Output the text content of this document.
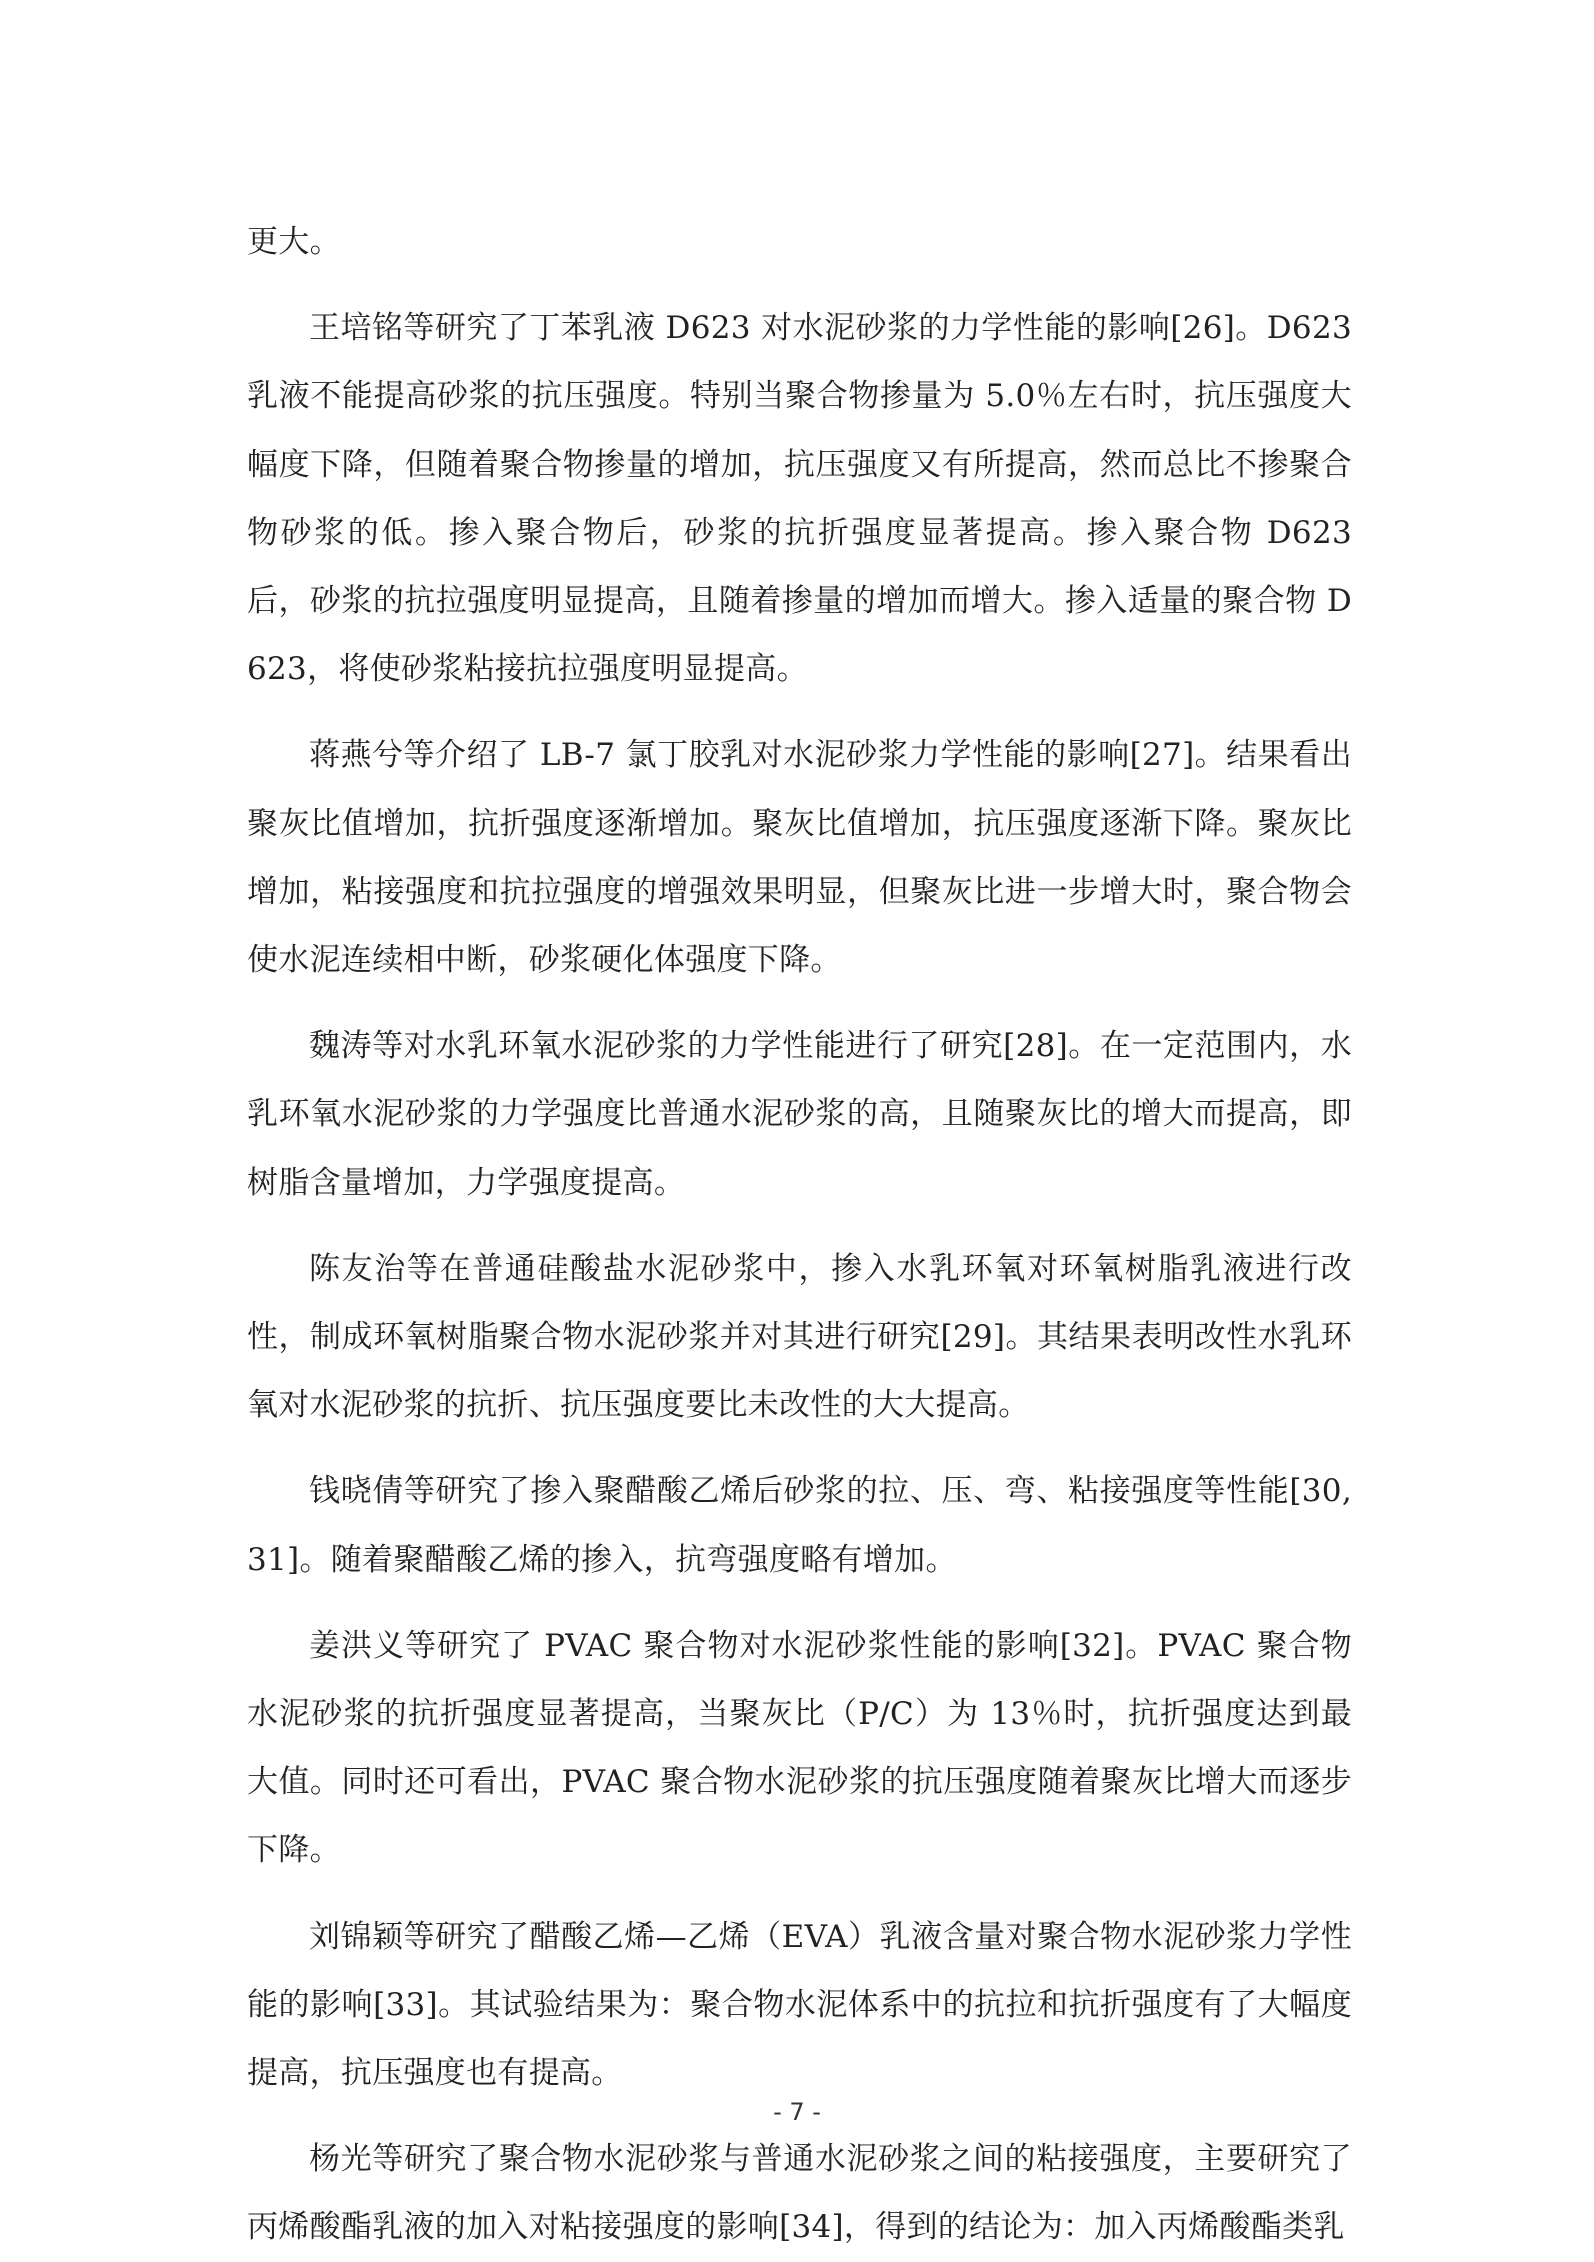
更大。

王培铭等研究了丁苯乳液 D623 对水泥砂浆的力学性能的影响[26]。D623 乳液不能提高砂浆的抗压强度。特别当聚合物掺量为 5.0％左右时，抗压强度大幅度下降，但随着聚合物掺量的增加，抗压强度又有所提高，然而总比不掺聚合物砂浆的低。掺入聚合物后，砂浆的抗折强度显著提高。掺入聚合物 D623 后，砂浆的抗拉强度明显提高，且随着掺量的增加而增大。掺入适量的聚合物 D623，将使砂浆粘接抗拉强度明显提高。

蒋燕兮等介绍了 LB-7 氯丁胶乳对水泥砂浆力学性能的影响[27]。结果看出聚灰比值增加，抗折强度逐渐增加。聚灰比值增加，抗压强度逐渐下降。聚灰比增加，粘接强度和抗拉强度的增强效果明显，但聚灰比进一步增大时，聚合物会使水泥连续相中断，砂浆硬化体强度下降。

魏涛等对水乳环氧水泥砂浆的力学性能进行了研究[28]。在一定范围内，水乳环氧水泥砂浆的力学强度比普通水泥砂浆的高，且随聚灰比的增大而提高，即树脂含量增加，力学强度提高。

陈友治等在普通硅酸盐水泥砂浆中，掺入水乳环氧对环氧树脂乳液进行改性，制成环氧树脂聚合物水泥砂浆并对其进行研究[29]。其结果表明改性水乳环氧对水泥砂浆的抗折、抗压强度要比未改性的大大提高。

钱晓倩等研究了掺入聚醋酸乙烯后砂浆的拉、压、弯、粘接强度等性能[30,31]。随着聚醋酸乙烯的掺入，抗弯强度略有增加。

姜洪义等研究了 PVAC 聚合物对水泥砂浆性能的影响[32]。PVAC 聚合物水泥砂浆的抗折强度显著提高，当聚灰比（P/C）为 13％时，抗折强度达到最大值。同时还可看出，PVAC 聚合物水泥砂浆的抗压强度随着聚灰比增大而逐步下降。

刘锦颖等研究了醋酸乙烯—乙烯（EVA）乳液含量对聚合物水泥砂浆力学性能的影响[33]。其试验结果为：聚合物水泥体系中的抗拉和抗折强度有了大幅度提高，抗压强度也有提高。

杨光等研究了聚合物水泥砂浆与普通水泥砂浆之间的粘接强度，主要研究了丙烯酸酯乳液的加入对粘接强度的影响[34]，得到的结论为：加入丙烯酸酯类乳

- 7 -
